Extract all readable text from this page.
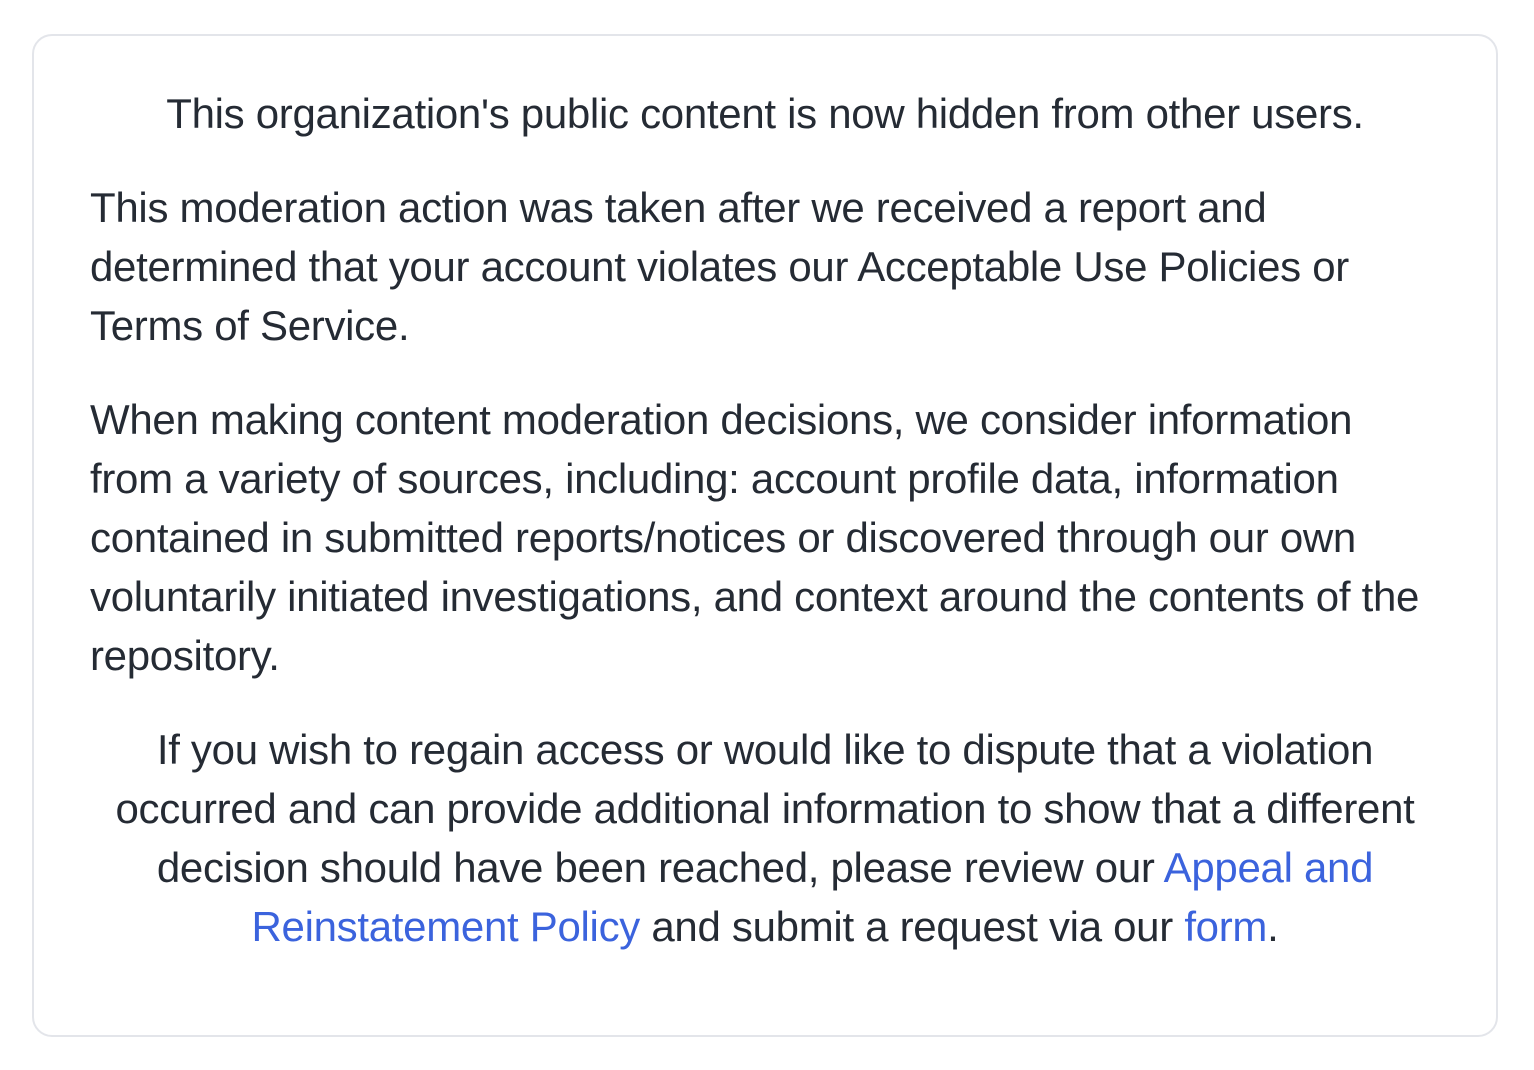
This organization's public content is now hidden from other users.

This moderation action was taken after we received a report and
determined that your account violates our Acceptable Use Policies or
Terms of Service.

When making content moderation decisions, we consider information
from a variety of sources, including: account profile data, information
contained in submitted reports/notices or discovered through our own
voluntarily initiated investigations, and context around the contents of the
repository.

If you wish to regain access or would like to dispute that a violation
occurred and can provide additional information to show that a different
decision should have been reached, please review our Appeal and
Reinstatement Policy and submit a request via our form.
